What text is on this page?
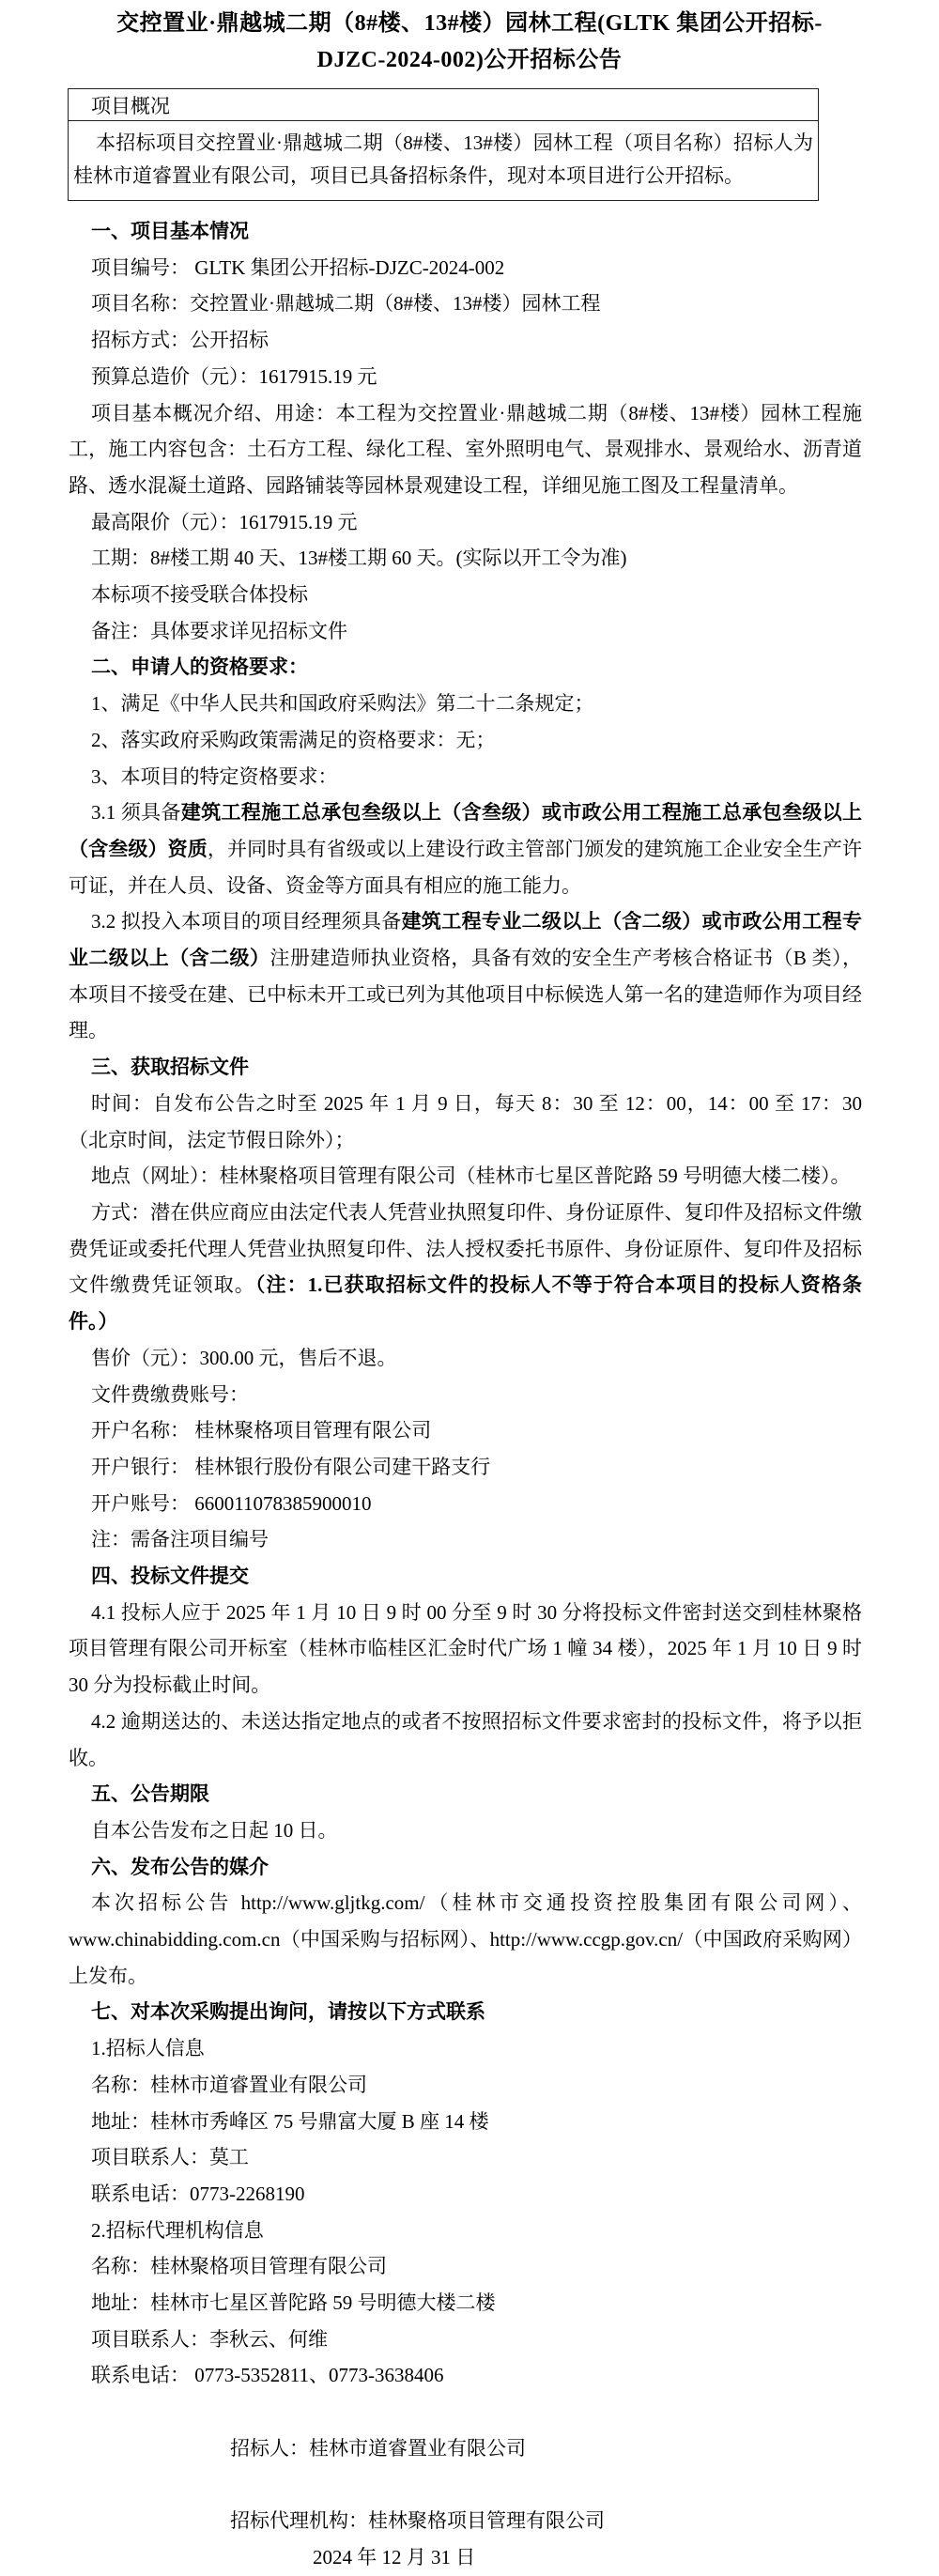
交控置业·鼎越城二期（8#楼、13#楼）园林工程(GLTK 集团公开招标-DJZC-2024-002)公开招标公告
项目概况
本招标项目交控置业·鼎越城二期（8#楼、13#楼）园林工程（项目名称）招标人为桂林市道睿置业有限公司，项目已具备招标条件，现对本项目进行公开招标。

一、项目基本情况

项目编号： GLTK 集团公开招标-DJZC-2024-002

项目名称：交控置业·鼎越城二期（8#楼、13#楼）园林工程

招标方式：公开招标

预算总造价（元）：1617915.19 元

项目基本概况介绍、用途：本工程为交控置业·鼎越城二期（8#楼、13#楼）园林工程施工，施工内容包含：土石方工程、绿化工程、室外照明电气、景观排水、景观给水、沥青道路、透水混凝土道路、园路铺装等园林景观建设工程，详细见施工图及工程量清单。

最高限价（元）：1617915.19 元

工期：8#楼工期 40 天、13#楼工期 60 天。(实际以开工令为准)

本标项不接受联合体投标

备注：具体要求详见招标文件

二、申请人的资格要求：

1、满足《中华人民共和国政府采购法》第二十二条规定；

2、落实政府采购政策需满足的资格要求：无；

3、本项目的特定资格要求：

3.1 须具备建筑工程施工总承包叁级以上（含叁级）或市政公用工程施工总承包叁级以上（含叁级）资质，并同时具有省级或以上建设行政主管部门颁发的建筑施工企业安全生产许可证，并在人员、设备、资金等方面具有相应的施工能力。

3.2 拟投入本项目的项目经理须具备建筑工程专业二级以上（含二级）或市政公用工程专业二级以上（含二级）注册建造师执业资格，具备有效的安全生产考核合格证书（B 类），本项目不接受在建、已中标未开工或已列为其他项目中标候选人第一名的建造师作为项目经理。

三、获取招标文件

时间：自发布公告之时至 2025 年 1 月 9 日，每天 8：30 至 12：00，14：00 至 17：30（北京时间，法定节假日除外）；

地点（网址）：桂林聚格项目管理有限公司（桂林市七星区普陀路 59 号明德大楼二楼）。

方式：潜在供应商应由法定代表人凭营业执照复印件、身份证原件、复印件及招标文件缴费凭证或委托代理人凭营业执照复印件、法人授权委托书原件、身份证原件、复印件及招标文件缴费凭证领取。（注：1.已获取招标文件的投标人不等于符合本项目的投标人资格条件。）

售价（元）：300.00 元，售后不退。

文件费缴费账号：

开户名称： 桂林聚格项目管理有限公司

开户银行： 桂林银行股份有限公司建干路支行

开户账号： 660011078385900010

注：需备注项目编号

四、投标文件提交

4.1 投标人应于 2025 年 1 月 10 日 9 时 00 分至 9 时 30 分将投标文件密封送交到桂林聚格项目管理有限公司开标室（桂林市临桂区汇金时代广场 1 幢 34 楼），2025 年 1 月 10 日 9 时 30 分为投标截止时间。

4.2 逾期送达的、未送达指定地点的或者不按照招标文件要求密封的投标文件，将予以拒收。

五、公告期限

自本公告发布之日起 10 日。

六、发布公告的媒介

本次招标公告 http://www.gljtkg.com/（桂林市交通投资控股集团有限公司网）、www.chinabidding.com.cn（中国采购与招标网）、http://www.ccgp.gov.cn/（中国政府采购网）上发布。

七、对本次采购提出询问，请按以下方式联系

1.招标人信息

名称：桂林市道睿置业有限公司

地址：桂林市秀峰区 75 号鼎富大厦 B 座 14 楼

项目联系人：莫工

联系电话：0773-2268190

2.招标代理机构信息

名称：桂林聚格项目管理有限公司

地址：桂林市七星区普陀路 59 号明德大楼二楼

项目联系人：李秋云、何维

联系电话： 0773-5352811、0773-3638406

招标人：桂林市道睿置业有限公司

招标代理机构：桂林聚格项目管理有限公司

2024 年 12 月 31 日
